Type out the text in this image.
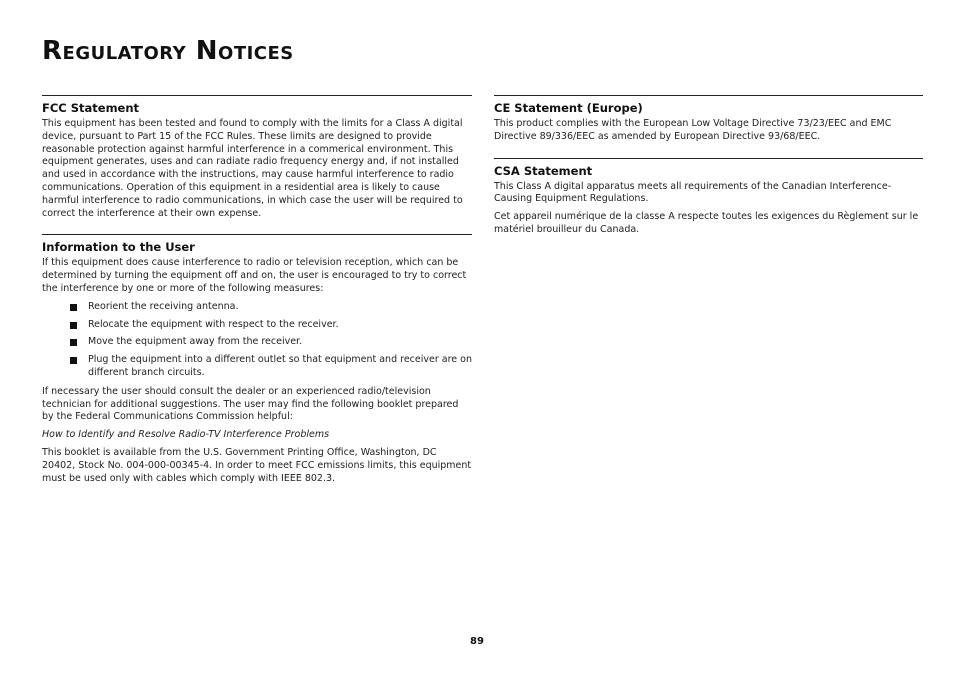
Regulatory Notices
FCC Statement

This equipment has been tested and found to comply with the limits for a Class A digital device, pursuant to Part 15 of the FCC Rules. These limits are designed to provide reasonable protection against harmful interference in a commerical environment. This equipment generates, uses and can radiate radio frequency energy and, if not installed and used in accordance with the instructions, may cause harmful interference to radio communications. Operation of this equipment in a residential area is likely to cause harmful interference to radio communications, in which case the user will be required to correct the interference at their own expense.

Information to the User

If this equipment does cause interference to radio or television reception, which can be determined by turning the equipment off and on, the user is encouraged to try to correct the interference by one or more of the following measures:

Reorient the receiving antenna.
Relocate the equipment with respect to the receiver.
Move the equipment away from the receiver.
Plug the equipment into a different outlet so that equipment and receiver are on different branch circuits.

If necessary the user should consult the dealer or an experienced radio/television technician for additional suggestions. The user may find the following booklet prepared by the Federal Communications Commission helpful:

How to Identify and Resolve Radio-TV Interference Problems

This booklet is available from the U.S. Government Printing Office, Washington, DC 20402, Stock No. 004-000-00345-4. In order to meet FCC emissions limits, this equipment must be used only with cables which comply with IEEE 802.3.

CE Statement (Europe)

This product complies with the European Low Voltage Directive 73/23/EEC and EMC Directive 89/336/EEC as amended by European Directive 93/68/EEC.

CSA Statement

This Class A digital apparatus meets all requirements of the Canadian Interference-Causing Equipment Regulations.

Cet appareil numérique de la classe A respecte toutes les exigences du Règlement sur le matériel brouilleur du Canada.

89
